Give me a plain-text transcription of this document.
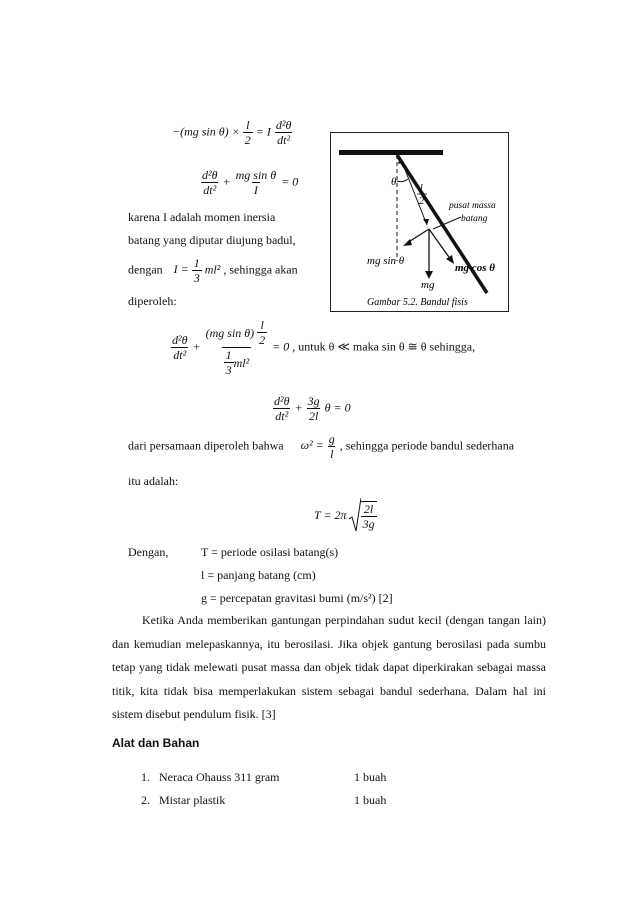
−(mg $\sin \theta) \times \frac{l}{2} = I \frac{\text{d²θ}}{\text{dt²}}$
$\frac{\text{d²θ}}{\text{dt²}} + \frac{\text{mg sin θ}}{I} = 0$
karena I adalah momen inersia
batang yang diputar diujung badul,
dengan $I = \frac{1}{3} ml^2$ , sehingga akan
diperoleh:
θ
l
2	pusat massa
batang
mg sin θ
mg cos θ
mg
Gambar 5.2. Bandul fisis
$\frac{\text{d²θ}}{\text{dt²}} + \frac{(mg \sin \theta) \frac{l}{2}}{\frac{1}{3} ml^2} = 0$ , untuk θ ≪ maka sin θ ≅ θ sehingga,
$\frac{\text{d²θ}}{\text{dt²}} + \frac{3g}{2l}$ θ = 0
dari persamaan diperoleh bahwa $\omega^2 = \frac{g}{l}$ , sehingga periode bandul sederhana
itu adalah:
$T = 2\pi \frac{2l}{3g}$
Dengan,	T = periode osilasi batang(s)
l = panjang batang (cm)
g = percepatan gravitasi bumi (m/s²) [2]
Ketika Anda memberikan gantungan perpindahan sudut kecil (dengan tangan lain) dan kemudian melepaskannya, itu berosilasi. Jika objek gantung berosilasi pada sumbu tetap yang tidak melewati pusat massa dan objek tidak dapat diperkirakan sebagai massa titik, kita tidak bisa memperlakukan sistem sebagai bandul sederhana. Dalam hal ini sistem disebut pendulum fisik. [3]
Alat dan Bahan
1. Neraca Ohauss 311 gram	1 buah
2. Mistar plastik	1 buah
